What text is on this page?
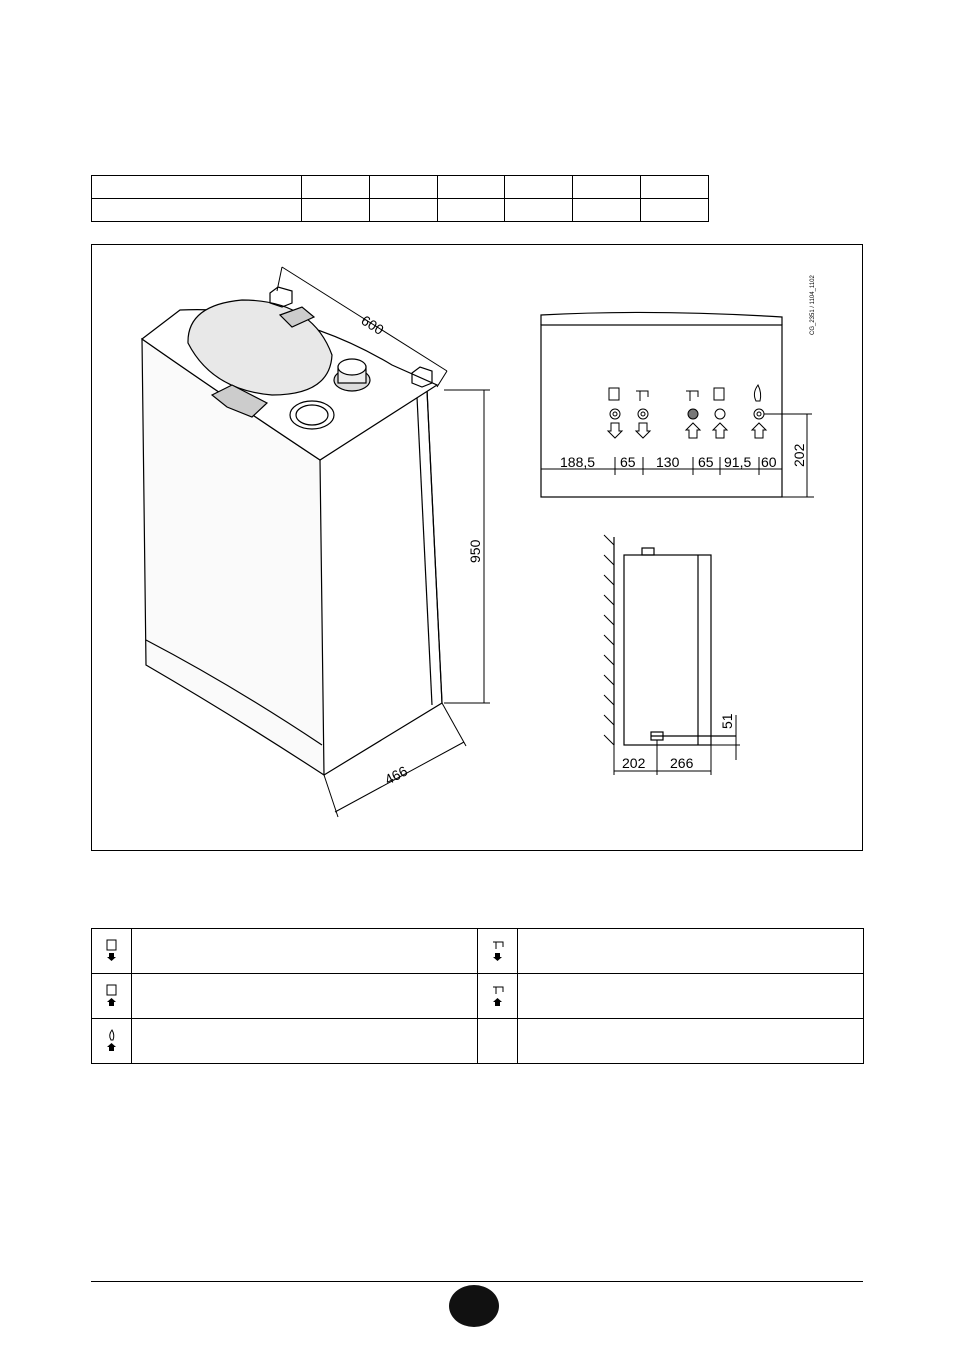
600
950
466
188,5 65 130 65 91,5 60 202
CG_2351 / 1104_1102
202 266
51
